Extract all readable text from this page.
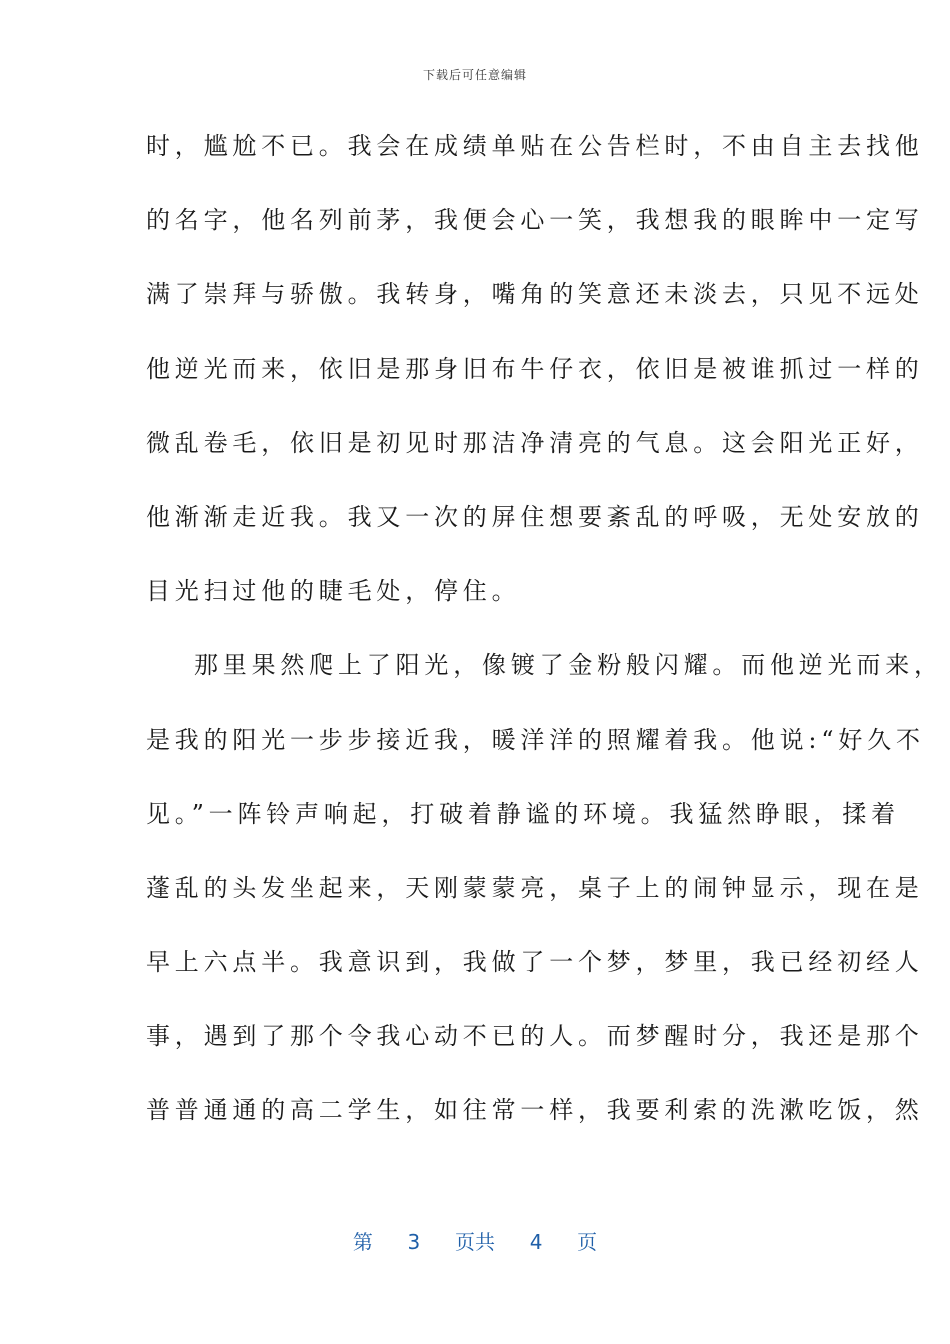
下载后可任意编辑
时，尴尬不已。我会在成绩单贴在公告栏时，不由自主去找他
的名字，他名列前茅，我便会心一笑，我想我的眼眸中一定写
满了崇拜与骄傲。我转身，嘴角的笑意还未淡去，只见不远处
他逆光而来，依旧是那身旧布牛仔衣，依旧是被谁抓过一样的
微乱卷毛，依旧是初见时那洁净清亮的气息。这会阳光正好，
他渐渐走近我。我又一次的屏住想要紊乱的呼吸，无处安放的
目光扫过他的睫毛处，停住。
那里果然爬上了阳光，像镀了金粉般闪耀。而他逆光而来，
是我的阳光一步步接近我，暖洋洋的照耀着我。他说:“好久不
见。”一阵铃声响起，打破着静谧的环境。我猛然睁眼，揉着
蓬乱的头发坐起来，天刚蒙蒙亮，桌子上的闹钟显示，现在是
早上六点半。我意识到，我做了一个梦，梦里，我已经初经人
事，遇到了那个令我心动不已的人。而梦醒时分，我还是那个
普普通通的高二学生，如往常一样，我要利索的洗漱吃饭，然
第 3 页共 4 页
